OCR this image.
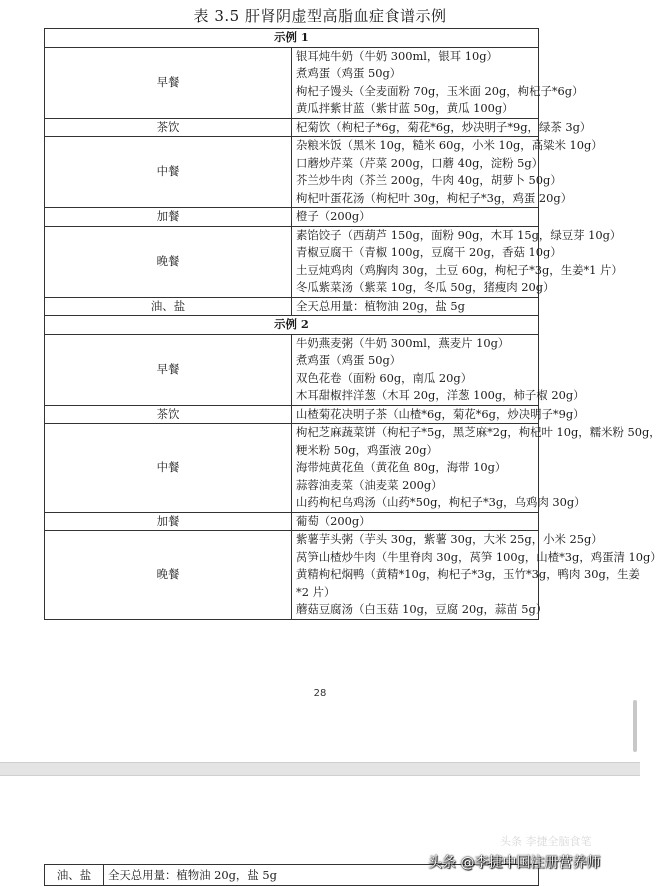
表 3.5 肝肾阴虚型高脂血症食谱示例
示例 1	
早餐	银耳炖牛奶（牛奶 300ml，银耳 10g）
煮鸡蛋（鸡蛋 50g）
枸杞子馒头（全麦面粉 70g，玉米面 20g，枸杞子*6g）
黄瓜拌紫甘蓝（紫甘蓝 50g，黄瓜 100g）

茶饮	杞菊饮（枸杞子*6g，菊花*6g，炒决明子*9g，绿茶 3g）

中餐	杂粮米饭（黑米 10g，糙米 60g，小米 10g，高粱米 10g）
口蘑炒芹菜（芹菜 200g，口蘑 40g，淀粉 5g）
芥兰炒牛肉（芥兰 200g，牛肉 40g，胡萝卜 50g）
枸杞叶蛋花汤（枸杞叶 30g，枸杞子*3g，鸡蛋 20g）

加餐	橙子（200g）

晚餐	素馅饺子（西葫芦 150g，面粉 90g，木耳 15g，绿豆芽 10g）
青椒豆腐干（青椒 100g，豆腐干 20g，香菇 10g）
土豆炖鸡肉（鸡胸肉 30g，土豆 60g，枸杞子*3g，生姜*1 片）
冬瓜紫菜汤（紫菜 10g，冬瓜 50g，猪瘦肉 20g）

油、盐	全天总用量：植物油 20g，盐 5g

示例 2	
早餐	牛奶燕麦粥（牛奶 300ml，燕麦片 10g）
煮鸡蛋（鸡蛋 50g）
双色花卷（面粉 60g，南瓜 20g）
木耳甜椒拌洋葱（木耳 20g，洋葱 100g，柿子椒 20g）

茶饮	山楂菊花决明子茶（山楂*6g，菊花*6g，炒决明子*9g）

中餐	枸杞芝麻蔬菜饼（枸杞子*5g，黑芝麻*2g，枸杞叶 10g，糯米粉 50g，
粳米粉 50g，鸡蛋液 20g）
海带炖黄花鱼（黄花鱼 80g，海带 10g）
蒜蓉油麦菜（油麦菜 200g）
山药枸杞乌鸡汤（山药*50g，枸杞子*3g，乌鸡肉 30g）

加餐	葡萄（200g）

晚餐	紫薯芋头粥（芋头 30g，紫薯 30g，大米 25g，小米 25g）
莴笋山楂炒牛肉（牛里脊肉 30g，莴笋 100g，山楂*3g，鸡蛋清 10g）
黄精枸杞焖鸭（黄精*10g，枸杞子*3g，玉竹*3g，鸭肉 30g，生姜
*2 片）
蘑菇豆腐汤（白玉菇 10g，豆腐 20g，蒜苗 5g）
28
油、盐	全天总用量：植物油 20g，盐 5g
头条 李捷全脑食笔
头条 @李捷中国注册营养师
